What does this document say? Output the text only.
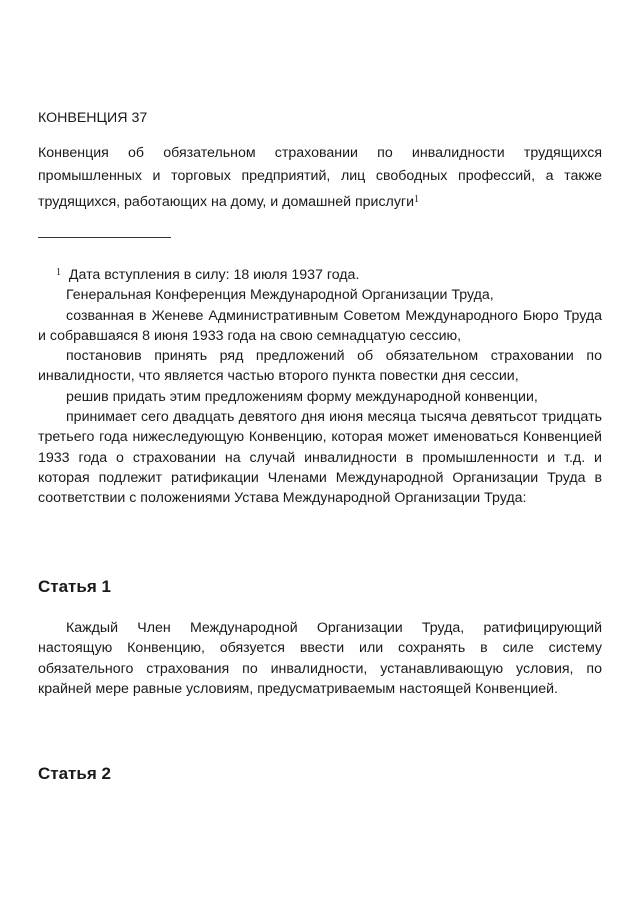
КОНВЕНЦИЯ 37
Конвенция об обязательном страховании по инвалидности трудящихся промышленных и торговых предприятий, лиц свободных профессий, а также трудящихся, работающих на дому, и домашней прислуги$^1$

$^1$ Дата вступления в силу: 18 июля 1937 года.

Генеральная Конференция Международной Организации Труда,

созванная в Женеве Административным Советом Международного Бюро Труда и собравшаяся 8 июня 1933 года на свою семнадцатую сессию,

постановив принять ряд предложений об обязательном страховании по инвалидности, что является частью второго пункта повестки дня сессии,

решив придать этим предложениям форму международной конвенции,

принимает сего двадцать девятого дня июня месяца тысяча девятьсот тридцать третьего года нижеследующую Конвенцию, которая может именоваться Конвенцией 1933 года о страховании на случай инвалидности в промышленности и т.д. и которая подлежит ратификации Членами Международной Организации Труда в соответствии с положениями Устава Международной Организации Труда:

Статья 1

Каждый Член Международной Организации Труда, ратифицирующий настоящую Конвенцию, обязуется ввести или сохранять в силе систему обязательного страхования по инвалидности, устанавливающую условия, по крайней мере равные условиям, предусматриваемым настоящей Конвенцией.

Статья 2
